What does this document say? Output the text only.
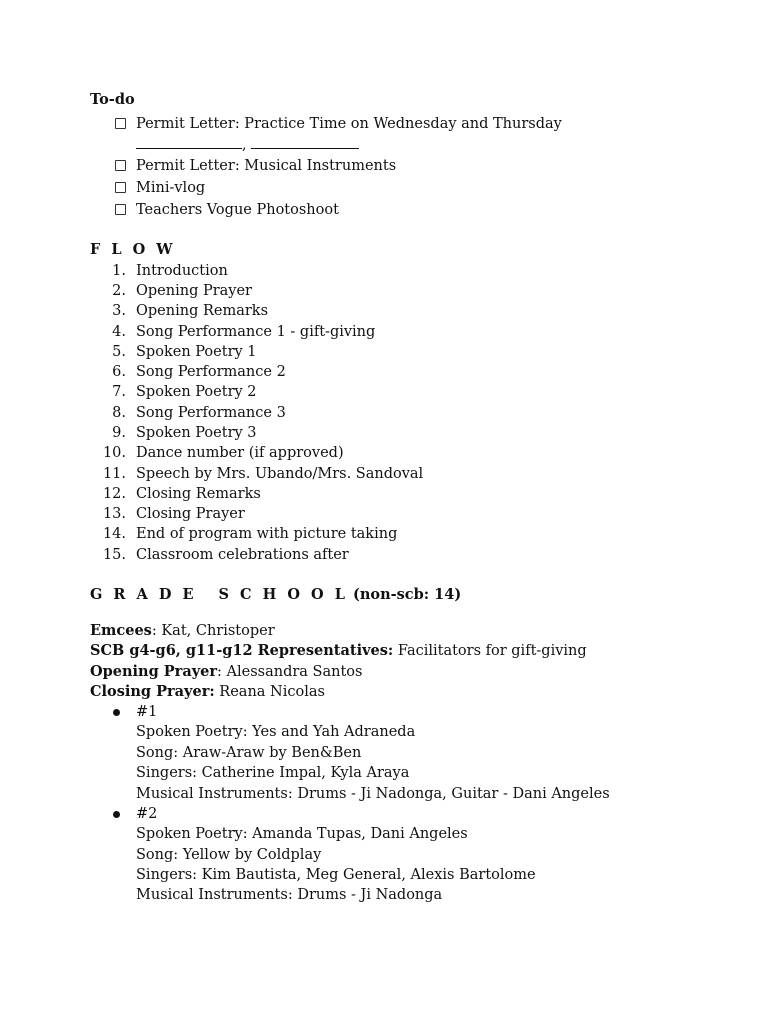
To-do
Permit Letter: Practice Time on Wednesday and Thursday
,
Permit Letter: Musical Instruments
Mini-vlog
Teachers Vogue Photoshoot
F L O W
1. Introduction
2. Opening Prayer
3. Opening Remarks
4. Song Performance 1 - gift-giving
5. Spoken Poetry 1
6. Song Performance 2
7. Spoken Poetry 2
8. Song Performance 3
9. Spoken Poetry 3
10. Dance number (if approved)
11. Speech by Mrs. Ubando/Mrs. Sandoval
12. Closing Remarks
13. Closing Prayer
14. End of program with picture taking
15. Classroom celebrations after
G R A D E S C H O O L (non-scb: 14)
Emcees: Kat, Christoper
SCB g4-g6, g11-g12 Representatives: Facilitators for gift-giving
Opening Prayer: Alessandra Santos
Closing Prayer: Reana Nicolas
#1
Spoken Poetry: Yes and Yah Adraneda
Song: Araw-Araw by Ben&Ben
Singers: Catherine Impal, Kyla Araya
Musical Instruments: Drums - Ji Nadonga, Guitar - Dani Angeles
#2
Spoken Poetry: Amanda Tupas, Dani Angeles
Song: Yellow by Coldplay
Singers: Kim Bautista, Meg General, Alexis Bartolome
Musical Instruments: Drums - Ji Nadonga
